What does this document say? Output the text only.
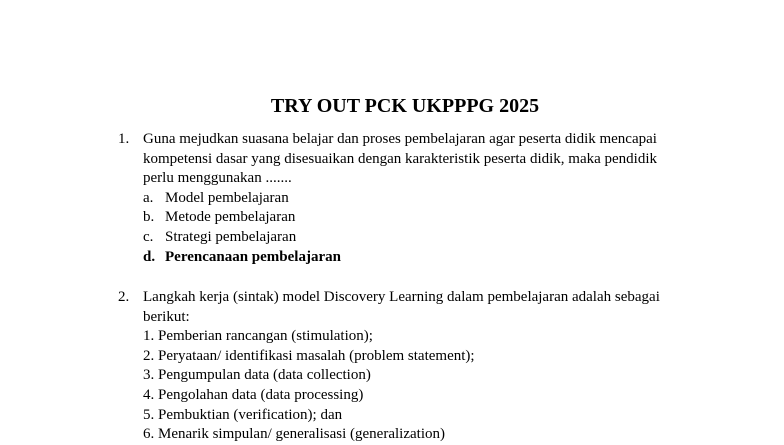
TRY OUT PCK UKPPPG 2025
1. Guna mejudkan suasana belajar dan proses pembelajaran agar peserta didik mencapai
kompetensi dasar yang disesuaikan dengan karakteristik peserta didik, maka pendidik
perlu menggunakan .......
a. Model pembelajaran
b. Metode pembelajaran
c. Strategi pembelajaran
d. Perencanaan pembelajaran
2. Langkah kerja (sintak) model Discovery Learning dalam pembelajaran adalah sebagai
berikut:
1. Pemberian rancangan (stimulation);
2. Peryataan/ identifikasi masalah (problem statement);
3. Pengumpulan data (data collection)
4. Pengolahan data (data processing)
5. Pembuktian (verification); dan
6. Menarik simpulan/ generalisasi (generalization)
